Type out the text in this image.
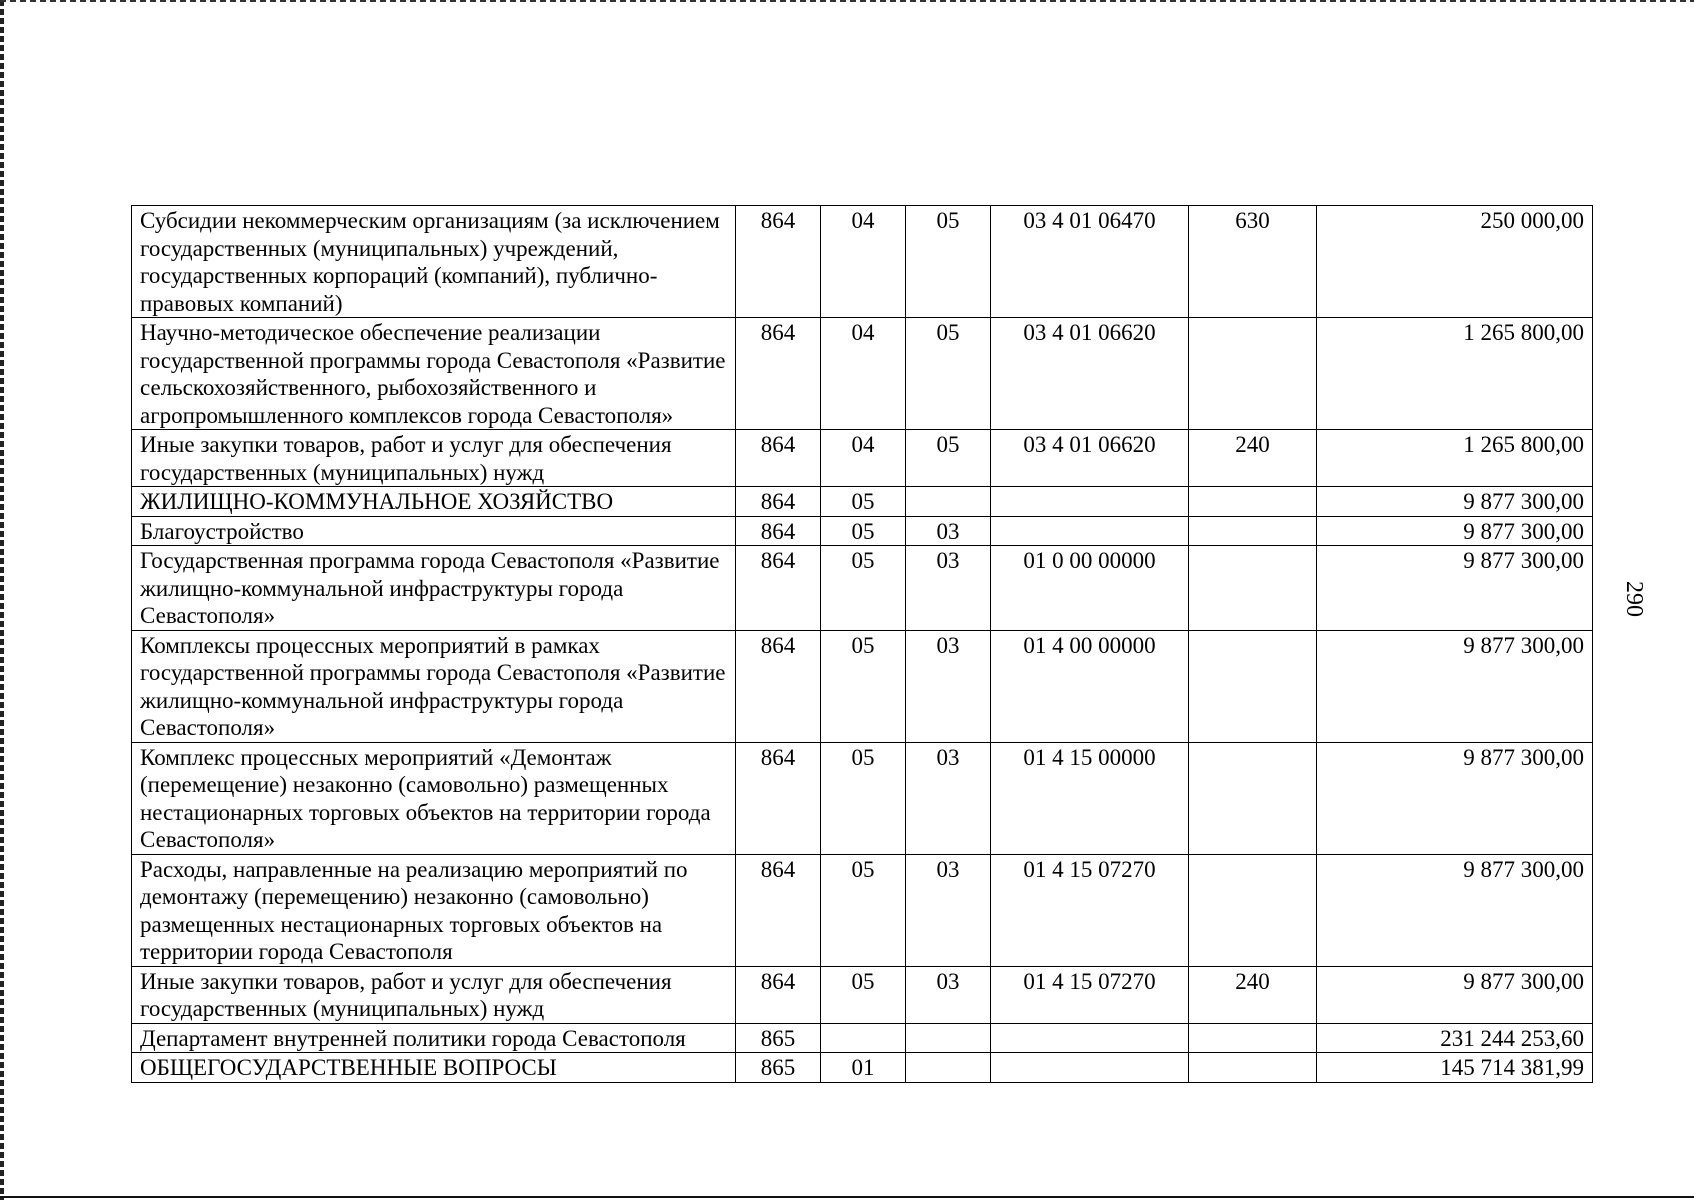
Субсидии некоммерческим организациям (за исключением государственных (муниципальных) учреждений, государственных корпораций (компаний), публично-правовых компаний)	864	04	05	03 4 01 06470	630	250 000,00
Научно-методическое обеспечение реализации государственной программы города Севастополя «Развитие сельскохозяйственного, рыбохозяйственного и агропромышленного комплексов города Севастополя»	864	04	05	03 4 01 06620		1 265 800,00
Иные закупки товаров, работ и услуг для обеспечения государственных (муниципальных) нужд	864	04	05	03 4 01 06620	240	1 265 800,00
ЖИЛИЩНО-КОММУНАЛЬНОЕ ХОЗЯЙСТВО	864	05				9 877 300,00
Благоустройство	864	05	03			9 877 300,00
Государственная программа города Севастополя «Развитие жилищно-коммунальной инфраструктуры города Севастополя»	864	05	03	01 0 00 00000		9 877 300,00
Комплексы процессных мероприятий в рамках государственной программы города Севастополя «Развитие жилищно-коммунальной инфраструктуры города Севастополя»	864	05	03	01 4 00 00000		9 877 300,00
Комплекс процессных мероприятий «Демонтаж (перемещение) незаконно (самовольно) размещенных нестационарных торговых объектов на территории города Севастополя»	864	05	03	01 4 15 00000		9 877 300,00
Расходы, направленные на реализацию мероприятий по демонтажу (перемещению) незаконно (самовольно) размещенных нестационарных торговых объектов на территории города Севастополя	864	05	03	01 4 15 07270		9 877 300,00
Иные закупки товаров, работ и услуг для обеспечения государственных (муниципальных) нужд	864	05	03	01 4 15 07270	240	9 877 300,00
Департамент внутренней политики города Севастополя	865					231 244 253,60
ОБЩЕГОСУДАРСТВЕННЫЕ ВОПРОСЫ	865	01				145 714 381,99
290
